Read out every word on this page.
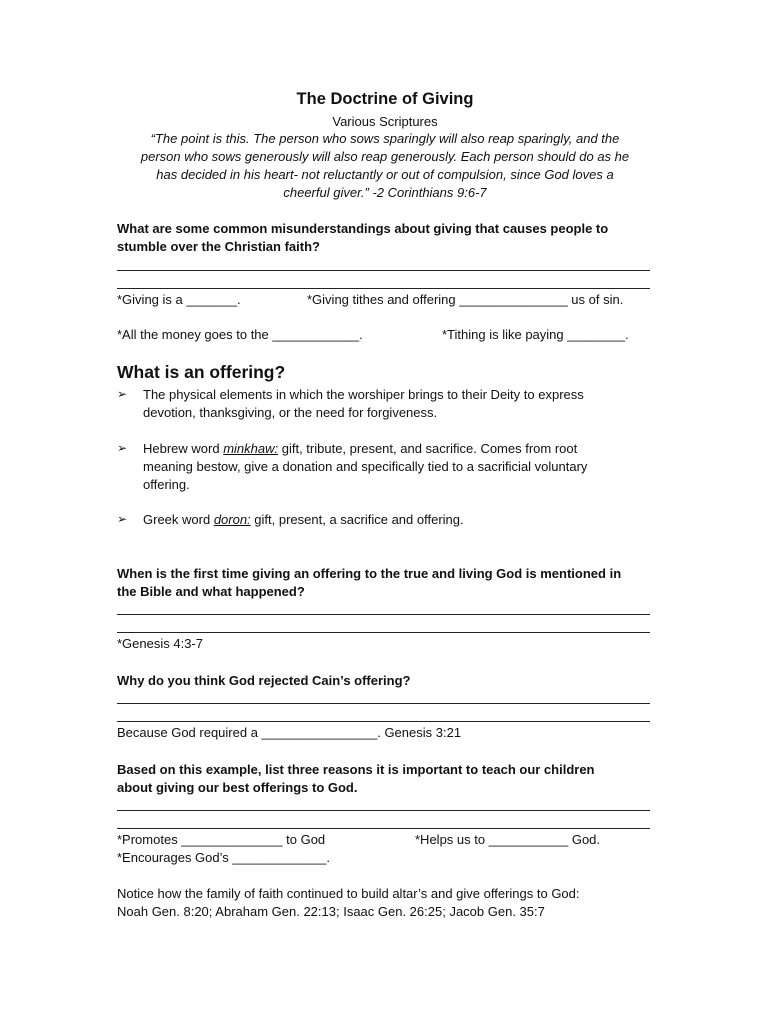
The Doctrine of Giving
Various Scriptures
“The point is this. The person who sows sparingly will also reap sparingly, and the
person who sows generously will also reap generously. Each person should do as he
has decided in his heart- not reluctantly or out of compulsion, since God loves a
cheerful giver.” -2 Corinthians 9:6-7
What are some common misunderstandings about giving that causes people to
stumble over the Christian faith?
*Giving is a _______.	*Giving tithes and offering _______________ us of sin.
*All the money goes to the ____________.	*Tithing is like paying ________.
What is an offering?
➢ The physical elements in which the worshiper brings to their Deity to express
devotion, thanksgiving, or the need for forgiveness.
➢ Hebrew word minkhaw: gift, tribute, present, and sacrifice. Comes from root
meaning bestow, give a donation and specifically tied to a sacrificial voluntary
offering.
➢ Greek word doron: gift, present, a sacrifice and offering.
When is the first time giving an offering to the true and living God is mentioned in
the Bible and what happened?
*Genesis 4:3-7
Why do you think God rejected Cain’s offering?
Because God required a ________________. Genesis 3:21
Based on this example, list three reasons it is important to teach our children
about giving our best offerings to God.
*Promotes ______________ to God	*Helps us to ___________ God.
*Encourages God’s _____________.
Notice how the family of faith continued to build altar’s and give offerings to God:
Noah Gen. 8:20; Abraham Gen. 22:13; Isaac Gen. 26:25; Jacob Gen. 35:7
